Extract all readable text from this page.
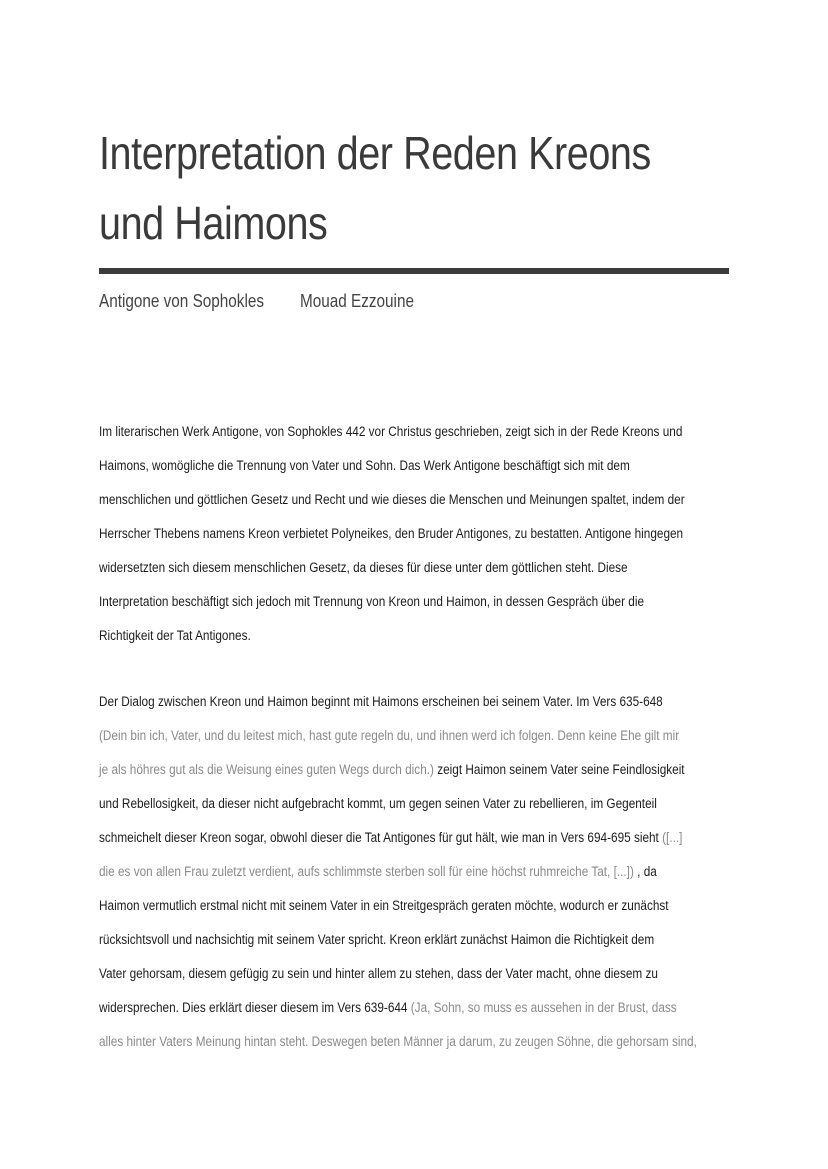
Interpretation der Reden Kreons
und Haimons
Antigone von Sophokles Mouad Ezzouine
Im literarischen Werk Antigone, von Sophokles 442 vor Christus geschrieben, zeigt sich in der Rede Kreons und
Haimons, womögliche die Trennung von Vater und Sohn. Das Werk Antigone beschäftigt sich mit dem
menschlichen und göttlichen Gesetz und Recht und wie dieses die Menschen und Meinungen spaltet, indem der
Herrscher Thebens namens Kreon verbietet Polyneikes, den Bruder Antigones, zu bestatten. Antigone hingegen
widersetzten sich diesem menschlichen Gesetz, da dieses für diese unter dem göttlichen steht. Diese
Interpretation beschäftigt sich jedoch mit Trennung von Kreon und Haimon, in dessen Gespräch über die
Richtigkeit der Tat Antigones.
Der Dialog zwischen Kreon und Haimon beginnt mit Haimons erscheinen bei seinem Vater. Im Vers 635-648
(Dein bin ich, Vater, und du leitest mich, hast gute regeln du, und ihnen werd ich folgen. Denn keine Ehe gilt mir
je als höhres gut als die Weisung eines guten Wegs durch dich.) zeigt Haimon seinem Vater seine Feindlosigkeit
und Rebellosigkeit, da dieser nicht aufgebracht kommt, um gegen seinen Vater zu rebellieren, im Gegenteil
schmeichelt dieser Kreon sogar, obwohl dieser die Tat Antigones für gut hält, wie man in Vers 694-695 sieht ([...]
die es von allen Frau zuletzt verdient, aufs schlimmste sterben soll für eine höchst ruhmreiche Tat, [...]) , da
Haimon vermutlich erstmal nicht mit seinem Vater in ein Streitgespräch geraten möchte, wodurch er zunächst
rücksichtsvoll und nachsichtig mit seinem Vater spricht. Kreon erklärt zunächst Haimon die Richtigkeit dem
Vater gehorsam, diesem gefügig zu sein und hinter allem zu stehen, dass der Vater macht, ohne diesem zu
widersprechen. Dies erklärt dieser diesem im Vers 639-644 (Ja, Sohn, so muss es aussehen in der Brust, dass
alles hinter Vaters Meinung hintan steht. Deswegen beten Männer ja darum, zu zeugen Söhne, die gehorsam sind,
